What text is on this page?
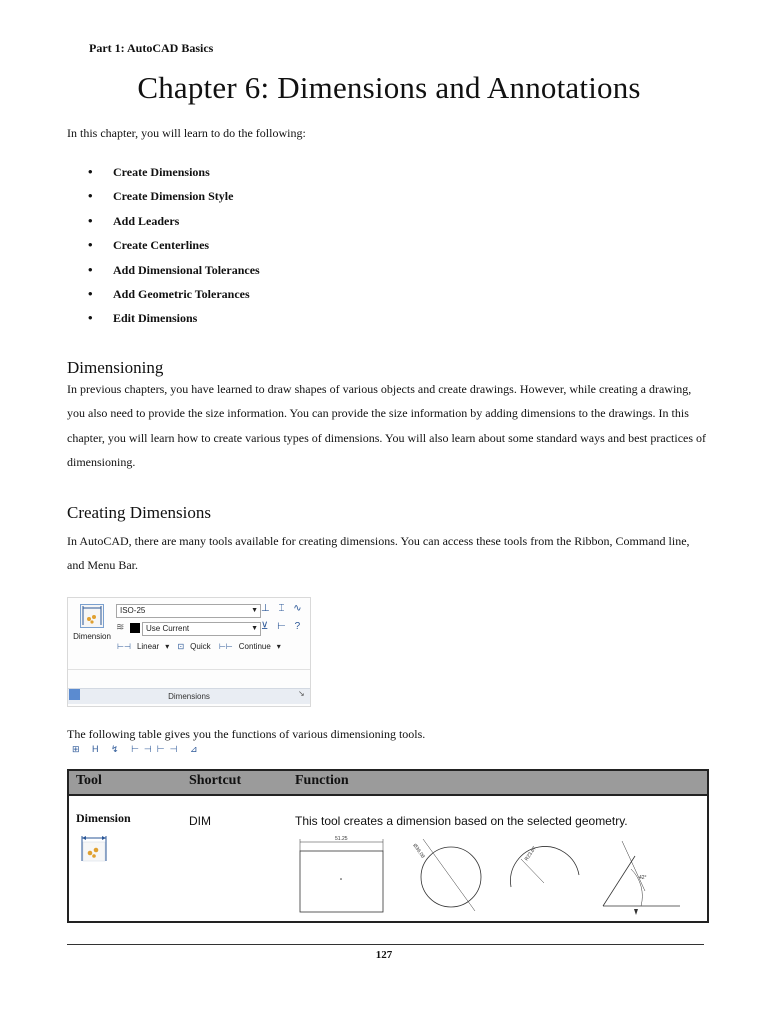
Part 1: AutoCAD Basics
Chapter 6: Dimensions and Annotations
In this chapter, you will learn to do the following:
• Create Dimensions
• Create Dimension Style
• Add Leaders
• Create Centerlines
• Add Dimensional Tolerances
• Add Geometric Tolerances
• Edit Dimensions
Dimensioning

In previous chapters, you have learned to draw shapes of various objects and create drawings. However, while creating a drawing, you also need to provide the size information. You can provide the size information by adding dimensions to the drawings. In this chapter, you will learn how to create various types of dimensions. You will also learn about some standard ways and best practices of dimensioning.

Creating Dimensions

In AutoCAD, there are many tools available for creating dimensions. You can access these tools from the Ribbon, Command line, and Menu Bar.

Dimension
ISO-25	▼ ⊥ ⌶ ∿
≋	Use Current	▼ ⊻ ⊢ ?
⊢⊣ Linear ▾ ⊡ Quick ⊢⊢ Continue ▾
⊞ H ↯ ⊢⊣⊢⊣ ⊿
Dimensions	↘

The following table gives you the functions of various dimensioning tools.

Tool	Shortcut	Function
Dimension	DIM	This tool creates a dimension based on the selected geometry.
51.25
Ø36.08	R23.67
42°
127
